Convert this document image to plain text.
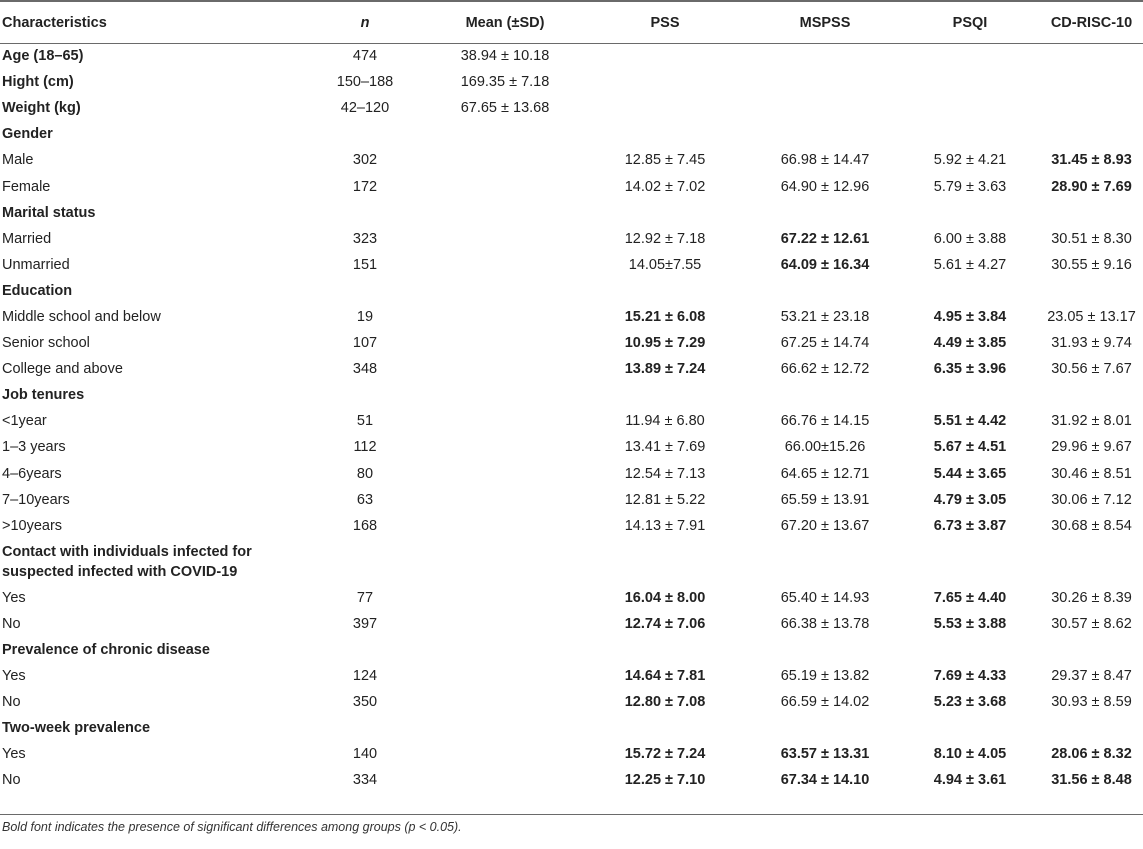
Characteristics	n	Mean (±SD)	PSS	MSPSS	PSQI	CD-RISC-10
Age (18–65)	474	38.94 ± 10.18				
Hight (cm)	150–188	169.35 ± 7.18				
Weight (kg)	42–120	67.65 ± 13.68				
Gender						
Male	302		12.85 ± 7.45	66.98 ± 14.47	5.92 ± 4.21	31.45 ± 8.93
Female	172		14.02 ± 7.02	64.90 ± 12.96	5.79 ± 3.63	28.90 ± 7.69
Marital status						
Married	323		12.92 ± 7.18	67.22 ± 12.61	6.00 ± 3.88	30.51 ± 8.30
Unmarried	151		14.05±7.55	64.09 ± 16.34	5.61 ± 4.27	30.55 ± 9.16
Education						
Middle school and below	19		15.21 ± 6.08	53.21 ± 23.18	4.95 ± 3.84	23.05 ± 13.17
Senior school	107		10.95 ± 7.29	67.25 ± 14.74	4.49 ± 3.85	31.93 ± 9.74
College and above	348		13.89 ± 7.24	66.62 ± 12.72	6.35 ± 3.96	30.56 ± 7.67
Job tenures						
<1year	51		11.94 ± 6.80	66.76 ± 14.15	5.51 ± 4.42	31.92 ± 8.01
1–3 years	112		13.41 ± 7.69	66.00±15.26	5.67 ± 4.51	29.96 ± 9.67
4–6years	80		12.54 ± 7.13	64.65 ± 12.71	5.44 ± 3.65	30.46 ± 8.51
7–10years	63		12.81 ± 5.22	65.59 ± 13.91	4.79 ± 3.05	30.06 ± 7.12
>10years	168		14.13 ± 7.91	67.20 ± 13.67	6.73 ± 3.87	30.68 ± 8.54
Contact with individuals infected for suspected infected with COVID-19						
Yes	77		16.04 ± 8.00	65.40 ± 14.93	7.65 ± 4.40	30.26 ± 8.39
No	397		12.74 ± 7.06	66.38 ± 13.78	5.53 ± 3.88	30.57 ± 8.62
Prevalence of chronic disease						
Yes	124		14.64 ± 7.81	65.19 ± 13.82	7.69 ± 4.33	29.37 ± 8.47
No	350		12.80 ± 7.08	66.59 ± 14.02	5.23 ± 3.68	30.93 ± 8.59
Two-week prevalence						
Yes	140		15.72 ± 7.24	63.57 ± 13.31	8.10 ± 4.05	28.06 ± 8.32
No	334		12.25 ± 7.10	67.34 ± 14.10	4.94 ± 3.61	31.56 ± 8.48
Bold font indicates the presence of significant differences among groups (p < 0.05).
